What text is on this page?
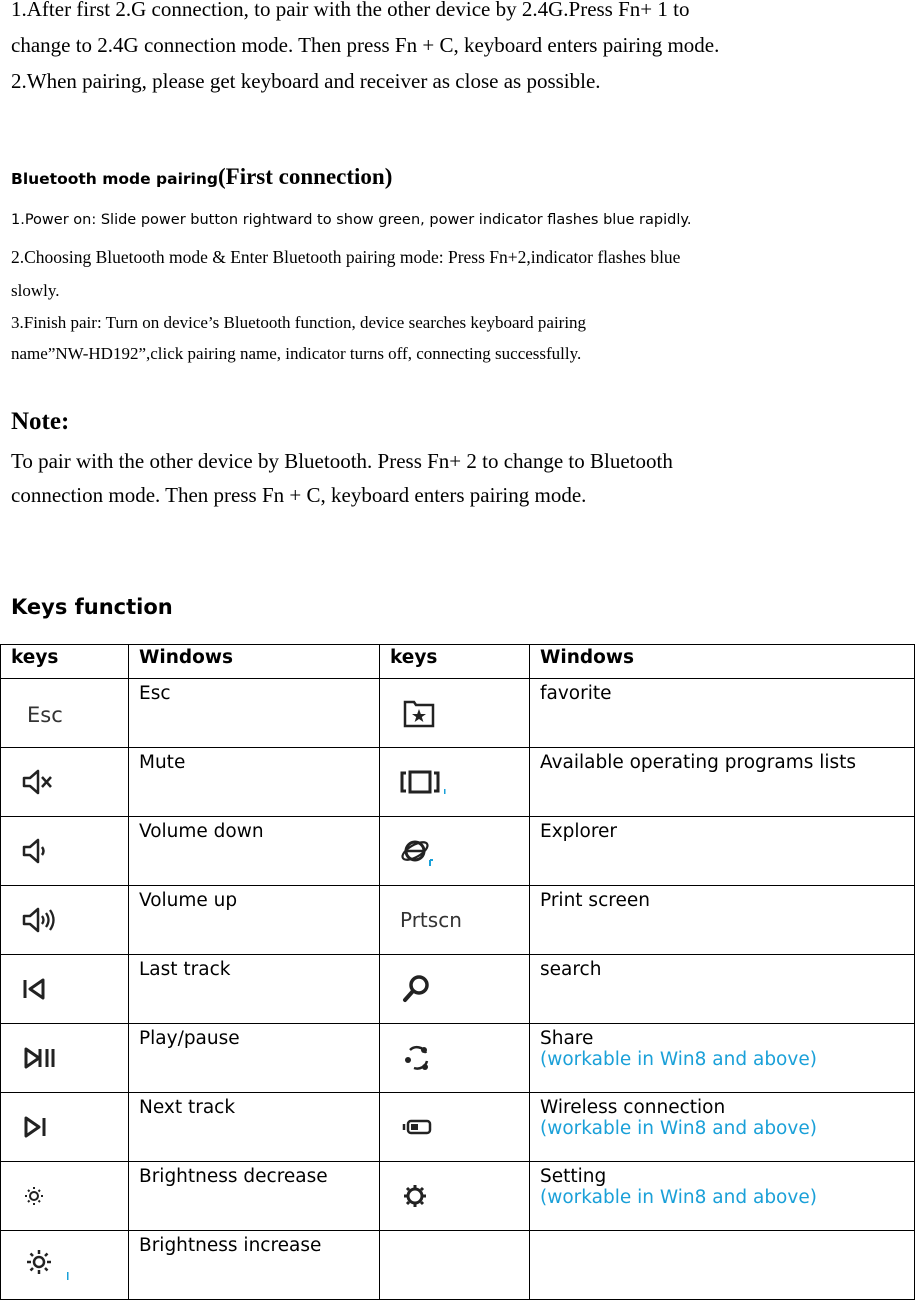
1.After first 2.G connection, to pair with the other device by 2.4G.Press Fn+ 1 to

change to 2.4G connection mode. Then press Fn + C, keyboard enters pairing mode.

2.When pairing, please get keyboard and receiver as close as possible.

Bluetooth mode pairing(First connection)

1.Power on: Slide power button rightward to show green, power indicator flashes blue rapidly.

2.Choosing Bluetooth mode & Enter Bluetooth pairing mode: Press Fn+2,indicator flashes blue

slowly.

3.Finish pair: Turn on device’s Bluetooth function, device searches keyboard pairing

name”NW-HD192”,click pairing name, indicator turns off, connecting successfully.

Note:

To pair with the other device by Bluetooth. Press Fn+ 2 to change to Bluetooth

connection mode. Then press Fn + C, keyboard enters pairing mode.

Keys function

keys	Windows	keys	Windows

Esc	Esc		favorite

	Mute		Available operating programs lists

	Volume down		Explorer

	Volume up	Prtscn	Print screen

	Last track		search

	Play/pause		Share
(workable in Win8 and above)

	Next track		Wireless connection
(workable in Win8 and above)

	Brightness decrease		Setting
(workable in Win8 and above)

	Brightness increase		
